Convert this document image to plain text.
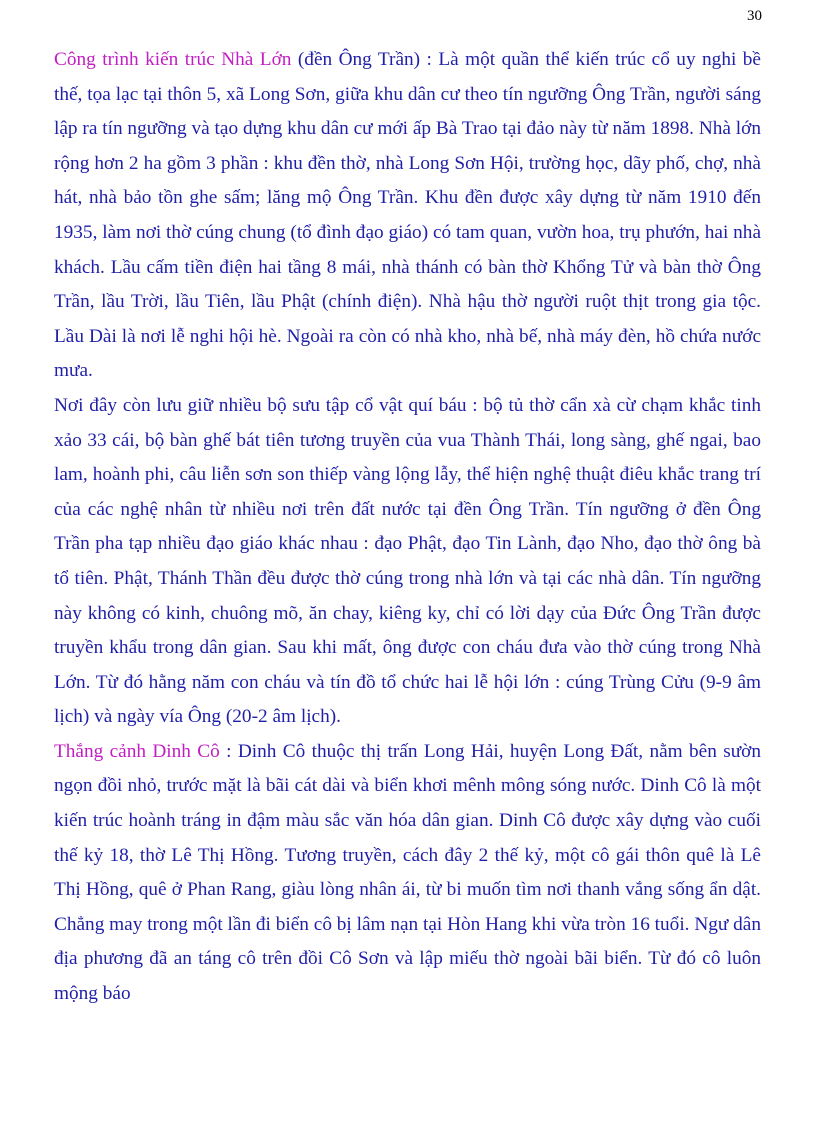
30

Công trình kiến trúc Nhà Lớn (đền Ông Trần) : Là một quần thể kiến trúc cổ uy nghi bề thế, tọa lạc tại thôn 5, xã Long Sơn, giữa khu dân cư theo tín ngưỡng Ông Trần, người sáng lập ra tín ngưỡng và tạo dựng khu dân cư mới ấp Bà Trao tại đảo này từ năm 1898. Nhà lớn rộng hơn 2 ha gồm 3 phần : khu đền thờ, nhà Long Sơn Hội, trường học, dãy phố, chợ, nhà hát, nhà bảo tồn ghe sấm; lăng mộ Ông Trần. Khu đền được xây dựng từ năm 1910 đến 1935, làm nơi thờ cúng chung (tổ đình đạo giáo) có tam quan, vườn hoa, trụ phướn, hai nhà khách. Lầu cấm tiền điện hai tầng 8 mái, nhà thánh có bàn thờ Khổng Tử và bàn thờ Ông Trần, lầu Trời, lầu Tiên, lầu Phật (chính điện). Nhà hậu thờ người ruột thịt trong gia tộc. Lầu Dài là nơi lễ nghi hội hè. Ngoài ra còn có nhà kho, nhà bế, nhà máy đèn, hồ chứa nước mưa.

Nơi đây còn lưu giữ nhiều bộ sưu tập cổ vật quí báu : bộ tủ thờ cẩn xà cừ chạm khắc tinh xảo 33 cái, bộ bàn ghế bát tiên tương truyền của vua Thành Thái, long sàng, ghế ngai, bao lam, hoành phi, câu liễn sơn son thiếp vàng lộng lẫy, thể hiện nghệ thuật điêu khắc trang trí của các nghệ nhân từ nhiều nơi trên đất nước tại đền Ông Trần. Tín ngưỡng ở đền Ông Trần pha tạp nhiều đạo giáo khác nhau : đạo Phật, đạo Tin Lành, đạo Nho, đạo thờ ông bà tổ tiên. Phật, Thánh Thần đều được thờ cúng trong nhà lớn và tại các nhà dân. Tín ngưỡng này không có kinh, chuông mõ, ăn chay, kiêng ky, chỉ có lời dạy của Đức Ông Trần được truyền khẩu trong dân gian. Sau khi mất, ông được con cháu đưa vào thờ cúng trong Nhà Lớn. Từ đó hằng năm con cháu và tín đồ tổ chức hai lễ hội lớn : cúng Trùng Cửu (9-9 âm lịch) và ngày vía Ông (20-2 âm lịch).

Thắng cảnh Dinh Cô : Dinh Cô thuộc thị trấn Long Hải, huyện Long Đất, nằm bên sườn ngọn đồi nhỏ, trước mặt là bãi cát dài và biển khơi mênh mông sóng nước. Dinh Cô là một kiến trúc hoành tráng in đậm màu sắc văn hóa dân gian. Dinh Cô được xây dựng vào cuối thế kỷ 18, thờ Lê Thị Hồng. Tương truyền, cách đây 2 thế kỷ, một cô gái thôn quê là Lê Thị Hồng, quê ở Phan Rang, giàu lòng nhân ái, từ bi muốn tìm nơi thanh vắng sống ẩn dật. Chẳng may trong một lần đi biển cô bị lâm nạn tại Hòn Hang khi vừa tròn 16 tuổi. Ngư dân địa phương đã an táng cô trên đồi Cô Sơn và lập miếu thờ ngoài bãi biển. Từ đó cô luôn mộng báo
